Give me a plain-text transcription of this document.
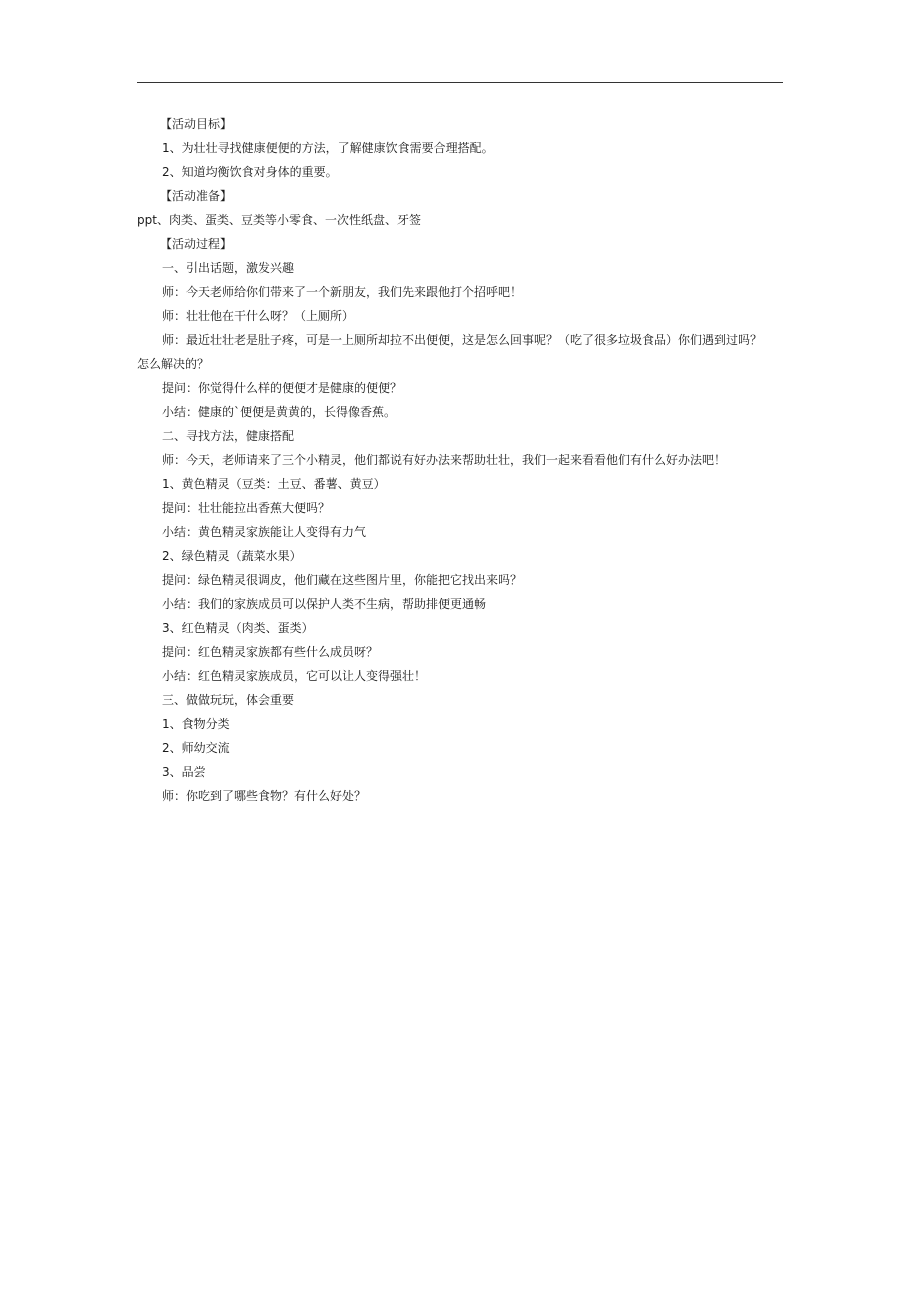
【活动目标】
1、为壮壮寻找健康便便的方法，了解健康饮食需要合理搭配。
2、知道均衡饮食对身体的重要。
【活动准备】
ppt、肉类、蛋类、豆类等小零食、一次性纸盘、牙签
【活动过程】
一、引出话题，激发兴趣
师：今天老师给你们带来了一个新朋友，我们先来跟他打个招呼吧！
师：壮壮他在干什么呀？（上厕所）
师：最近壮壮老是肚子疼，可是一上厕所却拉不出便便，这是怎么回事呢？（吃了很多垃圾食品）你们遇到过吗？
怎么解决的？
提问：你觉得什么样的便便才是健康的便便？
小结：健康的`便便是黄黄的，长得像香蕉。
二、寻找方法，健康搭配
师：今天，老师请来了三个小精灵，他们都说有好办法来帮助壮壮，我们一起来看看他们有什么好办法吧！
1、黄色精灵（豆类：土豆、番薯、黄豆）
提问：壮壮能拉出香蕉大便吗？
小结：黄色精灵家族能让人变得有力气
2、绿色精灵（蔬菜水果）
提问：绿色精灵很调皮，他们藏在这些图片里，你能把它找出来吗？
小结：我们的家族成员可以保护人类不生病，帮助排便更通畅
3、红色精灵（肉类、蛋类）
提问：红色精灵家族都有些什么成员呀？
小结：红色精灵家族成员，它可以让人变得强壮！
三、做做玩玩，体会重要
1、食物分类
2、师幼交流
3、品尝
师：你吃到了哪些食物？有什么好处？
